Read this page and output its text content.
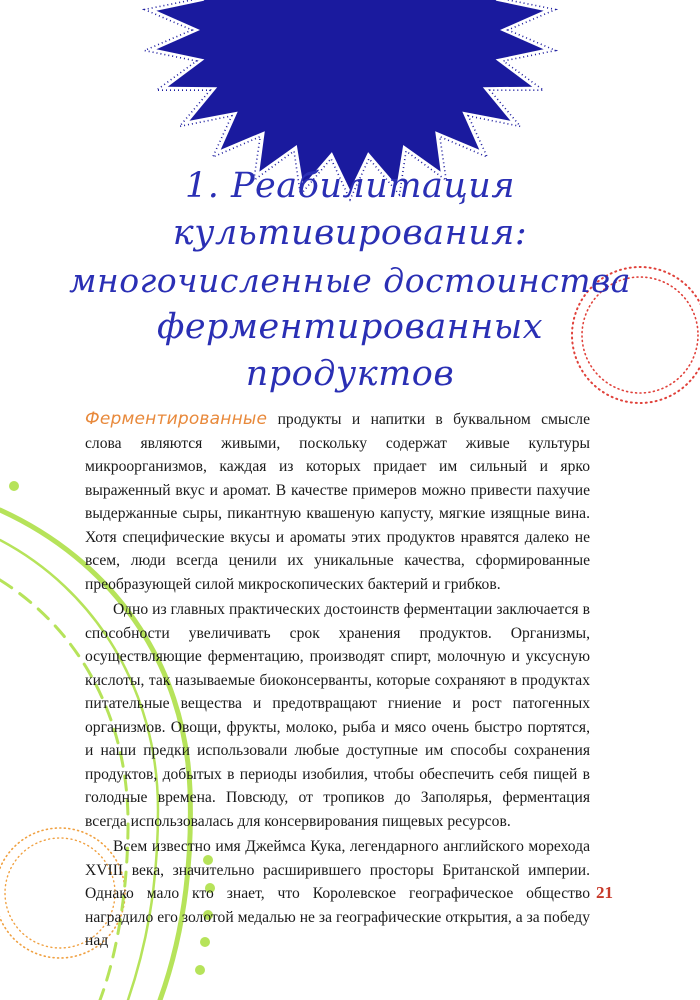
1. Реабилитация
культивирования:
многочисленные достоинства
ферментированных
продуктов

Ферментированные продукты и напитки в буквальном смысле слова являются живыми, поскольку содержат живые культуры микроорганизмов, каждая из которых придает им сильный и ярко выраженный вкус и аромат. В качестве примеров можно привести пахучие выдержанные сыры, пикантную квашеную капусту, мягкие изящные вина. Хотя специфические вкусы и ароматы этих продуктов нравятся далеко не всем, люди всегда ценили их уникальные качества, сформированные преобразующей силой микроскопических бактерий и грибков.

Одно из главных практических достоинств ферментации заключается в способности увеличивать срок хранения продуктов. Организмы, осуществляющие ферментацию, производят спирт, молочную и уксусную кислоты, так называемые биоконсерванты, которые сохраняют в продуктах питательные вещества и предотвращают гниение и рост патогенных организмов. Овощи, фрукты, молоко, рыба и мясо очень быстро портятся, и наши предки использовали любые доступные им способы сохранения продуктов, добытых в периоды изобилия, чтобы обеспечить себя пищей в голодные времена. Повсюду, от тропиков до Заполярья, ферментация всегда использовалась для консервирования пищевых ресурсов.

Всем известно имя Джеймса Кука, легендарного английского морехода XVIII века, значительно расширившего просторы Британской империи. Однако мало кто знает, что Королевское географическое общество наградило его золотой медалью не за географические открытия, а за победу над

21
